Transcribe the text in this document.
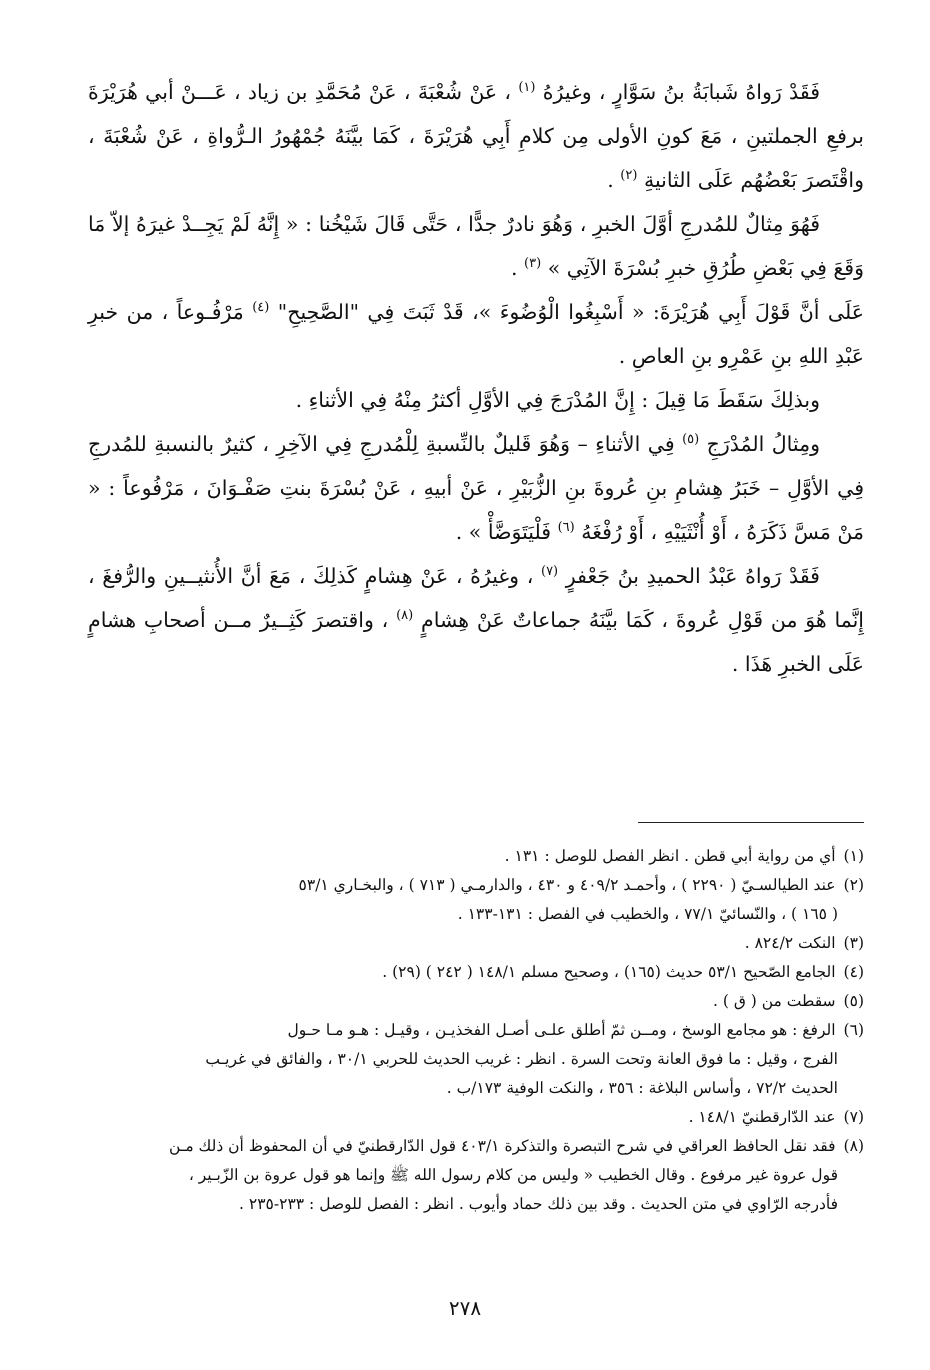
فَقَدْ رَواهُ شَبابَةُ بنُ سَوَّارٍ ، وغيرُهُ $^{(١)}$ ، عَنْ شُعْبَةَ ، عَنْ مُحَمَّدِ بن زياد ، عَـــنْ أبي هُرَيْرَةَ برفعِ الجملتينِ ، مَعَ كونِ الأولى مِن كلامِ أَبِي هُرَيْرَةَ ، كَمَا بيَّنَهُ جُمْهُورُ الـرُّواةِ ، عَنْ شُعْبَةَ ، واقْتَصرَ بَعْضُهُم عَلَى الثانيةِ $^{(٢)}$ .

فَهُوَ مِثالٌ للمُدرجِ أوَّلَ الخبرِ ، وَهُوَ نادرٌ جدًّا ، حَتَّى قَالَ شَيْخُنا : « إِنَّهُ لَمْ يَجِــدْ غيرَهُ إلاّ مَا وَقَعَ فِي بَعْضِ طُرُقِ خبرِ بُسْرَةَ الآتِي » $^{(٣)}$ .

عَلَى أنَّ قَوْلَ أَبِي هُرَيْرَةَ: « أَسْبِغُوا الْوُضُوءَ »، قَدْ ثَبَتَ فِي "الصَّحِيحِ" $^{(٤)}$ مَرْفُـوعاً ، من خبرِ عَبْدِ اللهِ بنِ عَمْرِو بنِ العاصِ .

وبذلِكَ سَقَطَ مَا قِيلَ : إِنَّ المُدْرَجَ فِي الأوَّلِ أكثرُ مِنْهُ فِي الأثناءِ .

ومِثالُ المُدْرَجِ $^{(٥)}$ فِي الأثناءِ – وَهُوَ قَليلٌ بالنِّسبةِ لِلْمُدرجِ فِي الآخِرِ ، كثيرٌ بالنسبةِ للمُدرجِ فِي الأوَّلِ – خَبَرُ هِشامِ بنِ عُروةَ بنِ الزُّبَيْرِ ، عَنْ أبيهِ ، عَنْ بُسْرَةَ بنتِ صَفْـوَانَ ، مَرْفُوعاً : « مَنْ مَسَّ ذَكَرَهُ ، أَوْ أُنْثَيَيْهِ ، أَوْ رُفْغَهُ $^{(٦)}$ فَلْيَتَوَضَّأْ » .

فَقَدْ رَواهُ عَبْدُ الحميدِ بنُ جَعْفرٍ $^{(٧)}$ ، وغيرُهُ ، عَنْ هِشامٍ كَذلِكَ ، مَعَ أنَّ الأُنثيــينِ والرُّفغَ ، إِنَّما هُوَ من قَوْلِ عُروةَ ، كَمَا بيَّنَهُ جماعاتٌ عَنْ هِشامٍ $^{(٨)}$ ، واقتصرَ كَثِــيرٌ مــن أصحابِ هشامٍ عَلَى الخبرِ هَذَا .

(١)أي من رواية أبي قطن . انظر الفصل للوصل : ١٣١ .

(٢)عند الطيالسـيّ ( ٢٢٩٠ ) ، وأحمـد ٤٠٩/٢ و ٤٣٠ ، والدارمـي ( ٧١٣ ) ، والبخـاري ٥٣/١

( ١٦٥ ) ، والنّسائيّ ٧٧/١ ، والخطيب في الفصل : ١٣١-١٣٣ .

(٣)النكت ٨٢٤/٢ .

(٤)الجامع الصّحيح ٥٣/١ حديث (١٦٥) ، وصحيح مسلم ١٤٨/١ ( ٢٤٢ ) (٢٩) .

(٥)سقطت من ( ق ) .

(٦)الرفغ : هو مجامع الوسخ ، ومــن ثمّ أطلق علـى أصـل الفخذيـن ، وقيـل : هـو مـا حـول

الفرج ، وقيل : ما فوق العانة وتحت السرة . انظر : غريب الحديث للحربي ٣٠/١ ، والفائق في غريـب

الحديث ٧٢/٢ ، وأساس البلاغة : ٣٥٦ ، والنكت الوفية ١٧٣/ب .

(٧)عند الدّارقطنيّ ١٤٨/١ .

(٨)فقد نقل الحافظ العراقي في شرح التبصرة والتذكرة ٤٠٣/١ قول الدّارقطنيّ في أن المحفوظ أن ذلك مـن

قول عروة غير مرفوع . وقال الخطيب « وليس من كلام رسول الله ﷺ وإنما هو قول عروة بن الزّبـير ،

فأدرجه الرّاوي في متن الحديث . وقد بين ذلك حماد وأيوب . انظر : الفصل للوصل : ٢٣٣-٢٣٥ .

٢٧٨
